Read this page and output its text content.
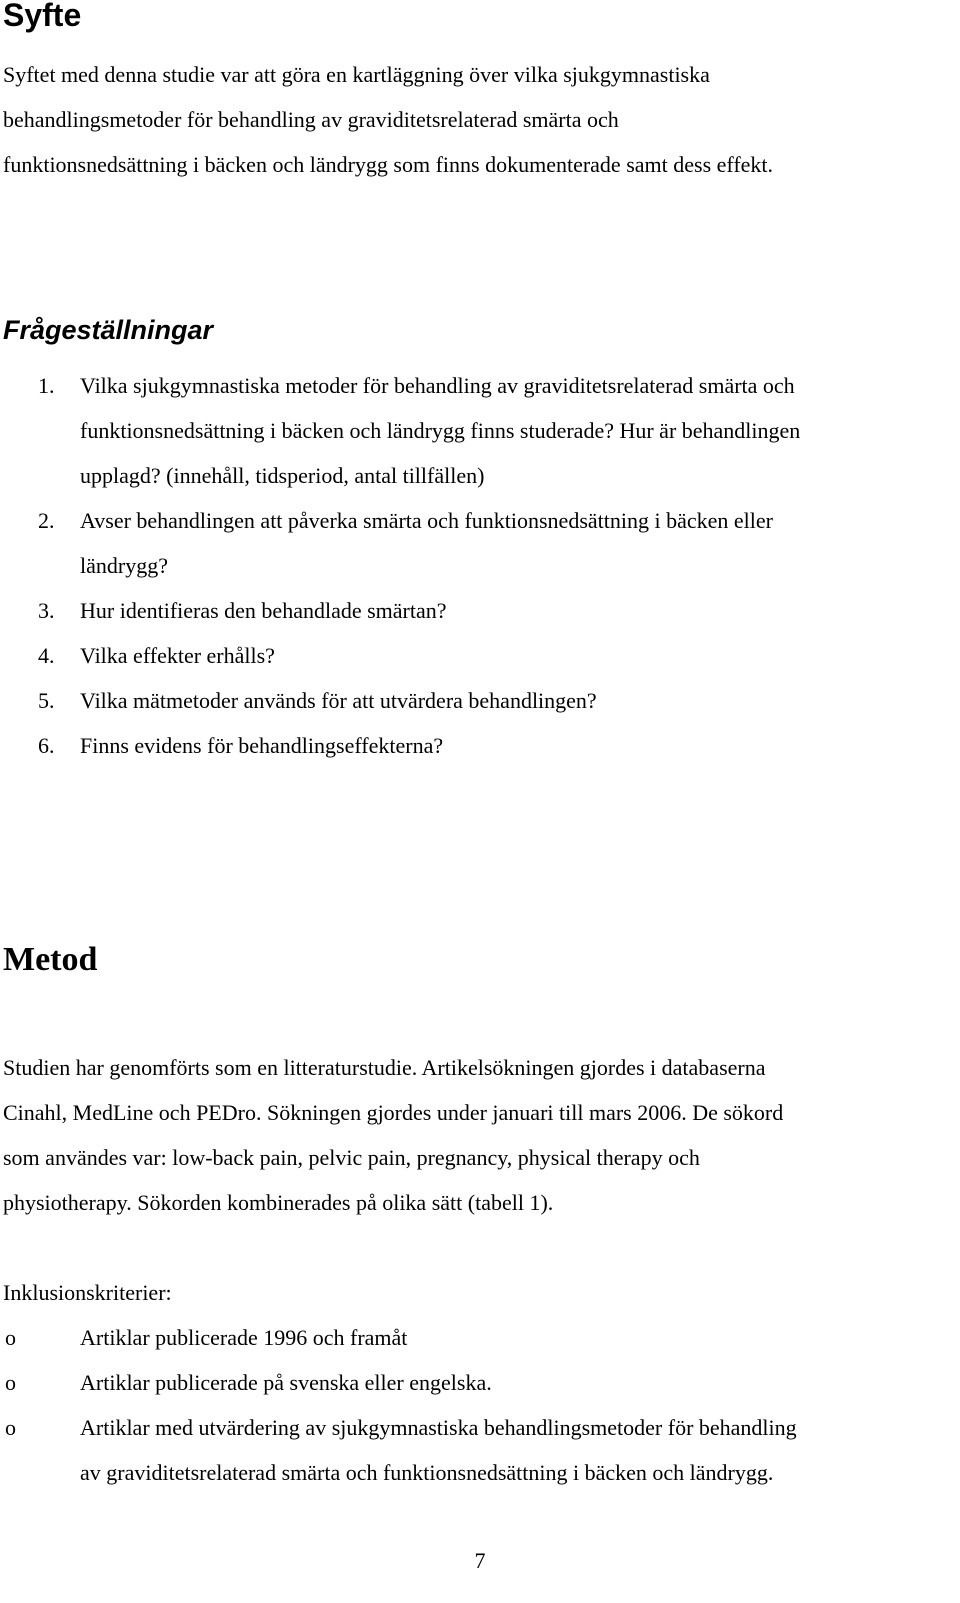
Syfte

Syftet med denna studie var att göra en kartläggning över vilka sjukgymnastiska
behandlingsmetoder för behandling av graviditetsrelaterad smärta och
funktionsnedsättning i bäcken och ländrygg som finns dokumenterade samt dess effekt.

Frågeställningar
1. Vilka sjukgymnastiska metoder för behandling av graviditetsrelaterad smärta och
funktionsnedsättning i bäcken och ländrygg finns studerade? Hur är behandlingen
upplagd? (innehåll, tidsperiod, antal tillfällen)
2. Avser behandlingen att påverka smärta och funktionsnedsättning i bäcken eller
ländrygg?
3. Hur identifieras den behandlade smärtan?
4. Vilka effekter erhålls?
5. Vilka mätmetoder används för att utvärdera behandlingen?
6. Finns evidens för behandlingseffekterna?
Metod

Studien har genomförts som en litteraturstudie. Artikelsökningen gjordes i databaserna
Cinahl, MedLine och PEDro. Sökningen gjordes under januari till mars 2006. De sökord
som användes var: low-back pain, pelvic pain, pregnancy, physical therapy och
physiotherapy. Sökorden kombinerades på olika sätt (tabell 1).

Inklusionskriterier:

o	Artiklar publicerade 1996 och framåt
o	Artiklar publicerade på svenska eller engelska.
o	Artiklar med utvärdering av sjukgymnastiska behandlingsmetoder för behandling
av graviditetsrelaterad smärta och funktionsnedsättning i bäcken och ländrygg.
7
